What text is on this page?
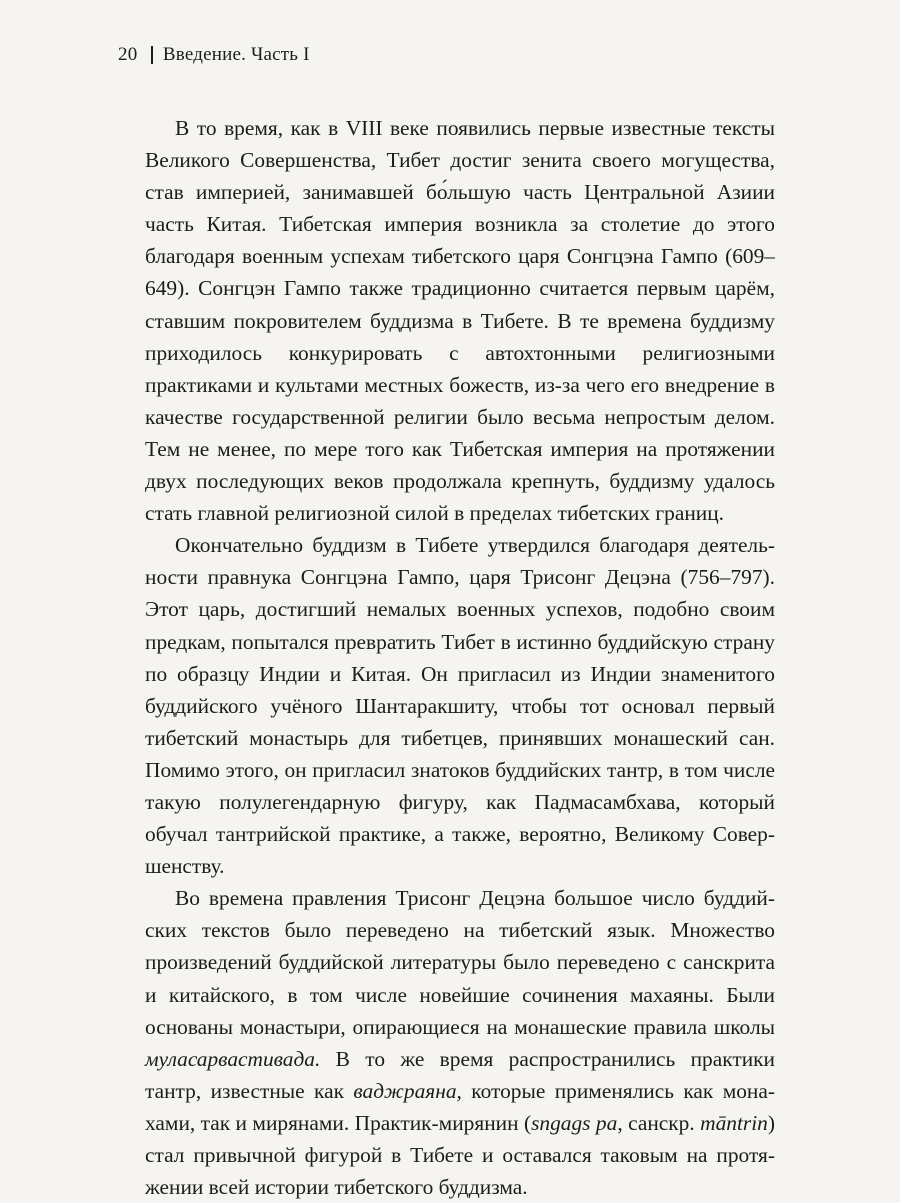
20 Введение. Часть I

В то время, как в VIII веке появились первые известные тексты Великого Совершенства, Тибет достиг зенита своего могущества, став империей, занимавшей бо́льшую часть Центральной Азиии часть Китая. Тибетская империя возникла за столетие до этого благодаря военным успехам тибетского царя Сонгцэна Гампо (609–649). Сонгцэн Гампо также традиционно считается первым царём, ставшим покровителем буддизма в Тибете. В те времена буддизму приходилось конкурировать с автохтонными религиозными практиками и культами местных божеств, из-за чего его внедрение в качестве государственной религии было весьма непростым делом. Тем не менее, по мере того как Тибетская империя на протяжении двух последующих веков продолжала крепнуть, буддизму удалось стать главной религиозной силой в пределах тибетских границ.

Окончательно буддизм в Тибете утвердился благодаря деятельности правнука Сонгцэна Гампо, царя Трисонг Децэна (756–797). Этот царь, достигший немалых военных успехов, подобно своим предкам, попытался превратить Тибет в истинно буддийскую страну по образцу Индии и Китая. Он пригласил из Индии знаменитого буддийского учёного Шантаракшиту, чтобы тот основал первый тибетский монастырь для тибетцев, принявших монашеский сан. Помимо этого, он пригласил знатоков буддийских тантр, в том числе такую полулегендарную фигуру, как Падмасамбхава, который обучал тантрийской практике, а также, вероятно, Великому Совершенству.

Во времена правления Трисонг Децэна большое число буддийских текстов было переведено на тибетский язык. Множество произведений буддийской литературы было переведено с санскрита и китайского, в том числе новейшие сочинения махаяны. Были основаны монастыри, опирающиеся на монашеские правила школы муласарвастивада. В то же время распространились практики тантр, известные как ваджраяна, которые применялись как монахами, так и мирянами. Практик-мирянин (sngags pa, санскр. māntrin) стал привычной фигурой в Тибете и оставался таковым на протяжении всей истории тибетского буддизма.
